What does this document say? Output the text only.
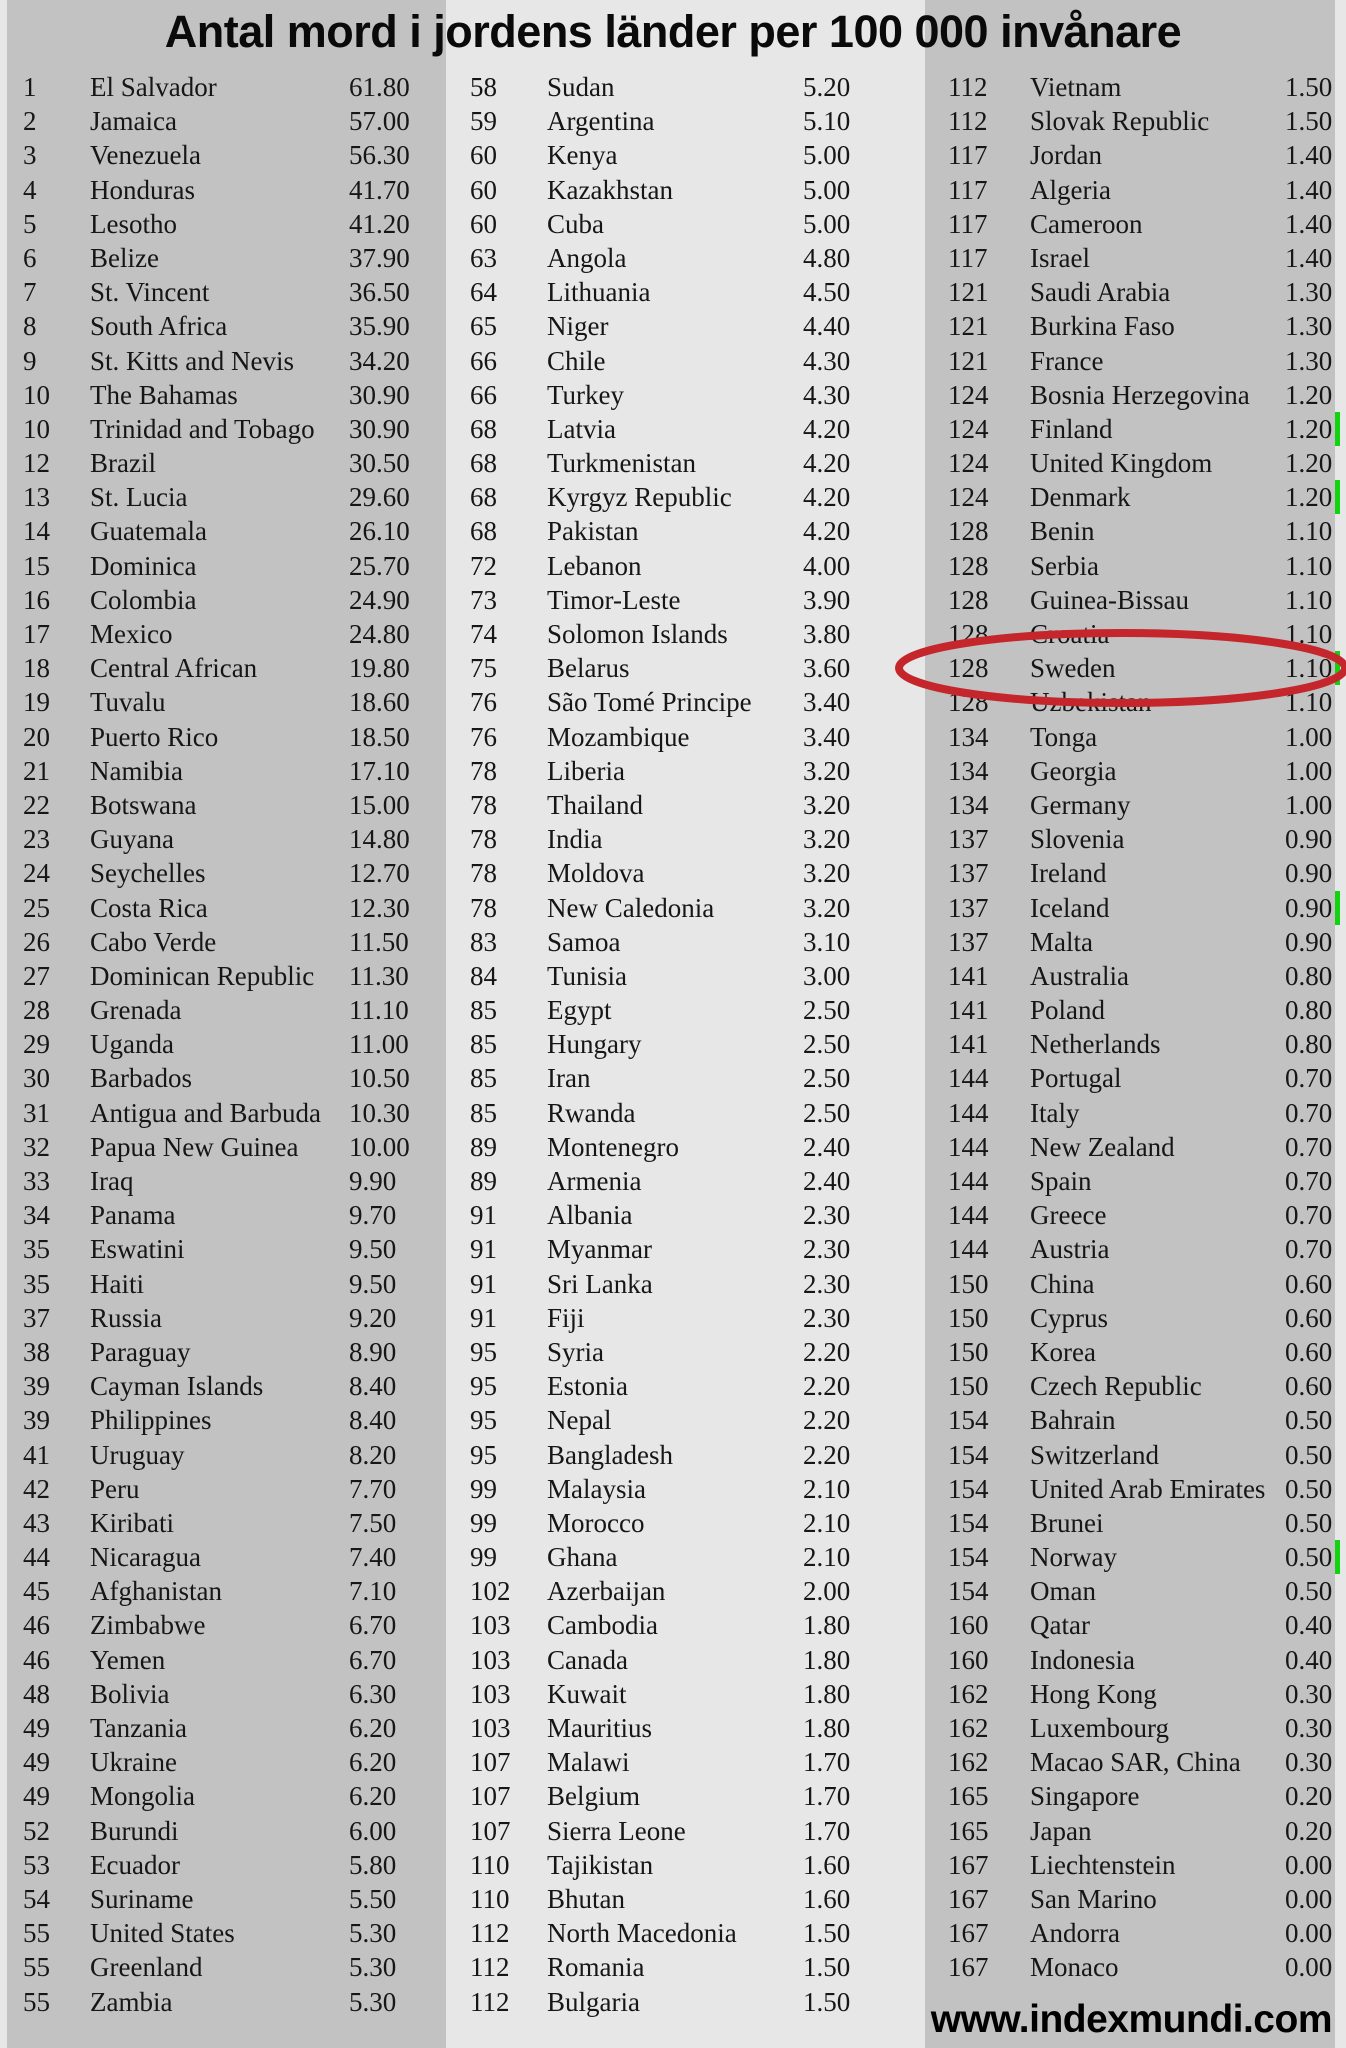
Antal mord i jordens länder per 100 000 invånare
1	El Salvador	61.80
2	Jamaica	57.00
3	Venezuela	56.30
4	Honduras	41.70
5	Lesotho	41.20
6	Belize	37.90
7	St. Vincent	36.50
8	South Africa	35.90
9	St. Kitts and Nevis	34.20
10	The Bahamas	30.90
10	Trinidad and Tobago	30.90
12	Brazil	30.50
13	St. Lucia	29.60
14	Guatemala	26.10
15	Dominica	25.70
16	Colombia	24.90
17	Mexico	24.80
18	Central African	19.80
19	Tuvalu	18.60
20	Puerto Rico	18.50
21	Namibia	17.10
22	Botswana	15.00
23	Guyana	14.80
24	Seychelles	12.70
25	Costa Rica	12.30
26	Cabo Verde	11.50
27	Dominican Republic	11.30
28	Grenada	11.10
29	Uganda	11.00
30	Barbados	10.50
31	Antigua and Barbuda	10.30
32	Papua New Guinea	10.00
33	Iraq	9.90
34	Panama	9.70
35	Eswatini	9.50
35	Haiti	9.50
37	Russia	9.20
38	Paraguay	8.90
39	Cayman Islands	8.40
39	Philippines	8.40
41	Uruguay	8.20
42	Peru	7.70
43	Kiribati	7.50
44	Nicaragua	7.40
45	Afghanistan	7.10
46	Zimbabwe	6.70
46	Yemen	6.70
48	Bolivia	6.30
49	Tanzania	6.20
49	Ukraine	6.20
49	Mongolia	6.20
52	Burundi	6.00
53	Ecuador	5.80
54	Suriname	5.50
55	United States	5.30
55	Greenland	5.30
55	Zambia	5.30
58	Sudan	5.20
59	Argentina	5.10
60	Kenya	5.00
60	Kazakhstan	5.00
60	Cuba	5.00
63	Angola	4.80
64	Lithuania	4.50
65	Niger	4.40
66	Chile	4.30
66	Turkey	4.30
68	Latvia	4.20
68	Turkmenistan	4.20
68	Kyrgyz Republic	4.20
68	Pakistan	4.20
72	Lebanon	4.00
73	Timor-Leste	3.90
74	Solomon Islands	3.80
75	Belarus	3.60
76	São Tomé Principe	3.40
76	Mozambique	3.40
78	Liberia	3.20
78	Thailand	3.20
78	India	3.20
78	Moldova	3.20
78	New Caledonia	3.20
83	Samoa	3.10
84	Tunisia	3.00
85	Egypt	2.50
85	Hungary	2.50
85	Iran	2.50
85	Rwanda	2.50
89	Montenegro	2.40
89	Armenia	2.40
91	Albania	2.30
91	Myanmar	2.30
91	Sri Lanka	2.30
91	Fiji	2.30
95	Syria	2.20
95	Estonia	2.20
95	Nepal	2.20
95	Bangladesh	2.20
99	Malaysia	2.10
99	Morocco	2.10
99	Ghana	2.10
102	Azerbaijan	2.00
103	Cambodia	1.80
103	Canada	1.80
103	Kuwait	1.80
103	Mauritius	1.80
107	Malawi	1.70
107	Belgium	1.70
107	Sierra Leone	1.70
110	Tajikistan	1.60
110	Bhutan	1.60
112	North Macedonia	1.50
112	Romania	1.50
112	Bulgaria	1.50
112	Vietnam	1.50
112	Slovak Republic	1.50
117	Jordan	1.40
117	Algeria	1.40
117	Cameroon	1.40
117	Israel	1.40
121	Saudi Arabia	1.30
121	Burkina Faso	1.30
121	France	1.30
124	Bosnia Herzegovina	1.20
124	Finland	1.20
124	United Kingdom	1.20
124	Denmark	1.20
128	Benin	1.10
128	Serbia	1.10
128	Guinea-Bissau	1.10
128	Croatia	1.10
128	Sweden	1.10
128	Uzbekistan	1.10
134	Tonga	1.00
134	Georgia	1.00
134	Germany	1.00
137	Slovenia	0.90
137	Ireland	0.90
137	Iceland	0.90
137	Malta	0.90
141	Australia	0.80
141	Poland	0.80
141	Netherlands	0.80
144	Portugal	0.70
144	Italy	0.70
144	New Zealand	0.70
144	Spain	0.70
144	Greece	0.70
144	Austria	0.70
150	China	0.60
150	Cyprus	0.60
150	Korea	0.60
150	Czech Republic	0.60
154	Bahrain	0.50
154	Switzerland	0.50
154	United Arab Emirates 0.50
154	Brunei	0.50
154	Norway	0.50
154	Oman	0.50
160	Qatar	0.40
160	Indonesia	0.40
162	Hong Kong	0.30
162	Luxembourg	0.30
162	Macao SAR, China	0.30
165	Singapore	0.20
165	Japan	0.20
167	Liechtenstein	0.00
167	San Marino	0.00
167	Andorra	0.00
167	Monaco	0.00
www.indexmundi.com
